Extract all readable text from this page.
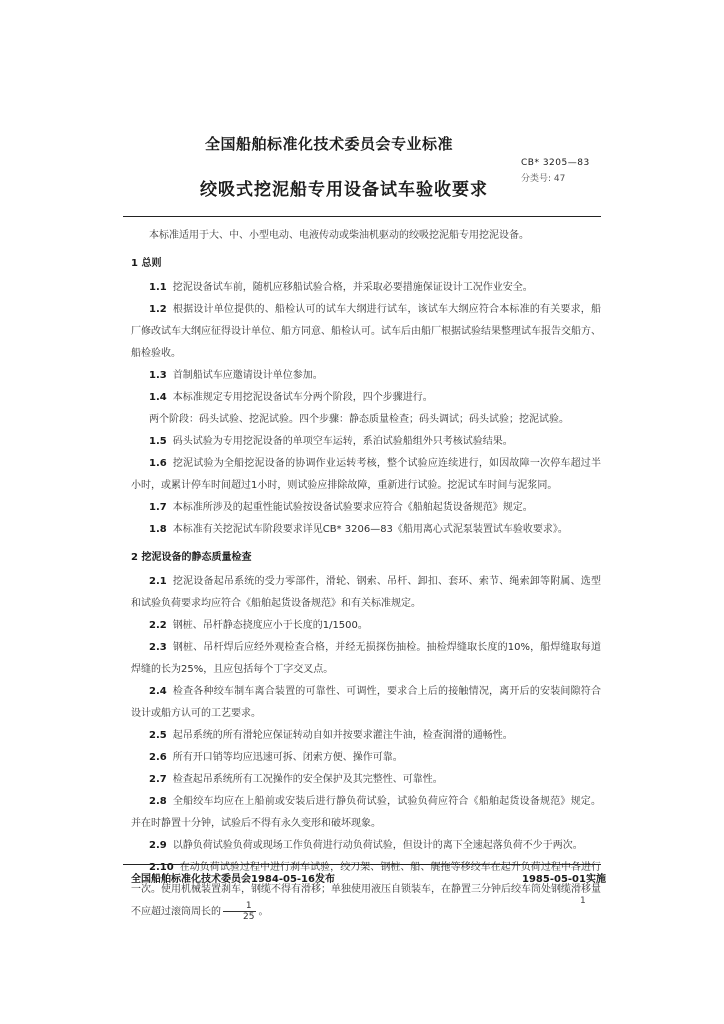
全国船舶标准化技术委员会专业标准
CB* 3205—83
分类号: 47
绞吸式挖泥船专用设备试车验收要求

本标准适用于大、中、小型电动、电液传动或柴油机驱动的绞吸挖泥船专用挖泥设备。

1 总则

1.1 挖泥设备试车前，随机应移船试验合格，并采取必要措施保证设计工况作业安全。

1.2 根据设计单位提供的、船检认可的试车大纲进行试车，该试车大纲应符合本标准的有关要求，船厂修改试车大纲应征得设计单位、船方同意、船检认可。试车后由船厂根据试验结果整理试车报告交船方、船检验收。

1.3 首制船试车应邀请设计单位参加。

1.4 本标准规定专用挖泥设备试车分两个阶段，四个步骤进行。

两个阶段：码头试验、挖泥试验。四个步骤：静态质量检查；码头调试；码头试验；挖泥试验。

1.5 码头试验为专用挖泥设备的单项空车运转，系泊试验船组外只考核试验结果。

1.6 挖泥试验为全船挖泥设备的协调作业运转考核，整个试验应连续进行，如因故障一次停车超过半小时，或累计停车时间超过1小时，则试验应排除故障，重新进行试验。挖泥试车时间与泥浆同。

1.7 本标准所涉及的起重性能试验按设备试验要求应符合《船舶起货设备规范》规定。

1.8 本标准有关挖泥试车阶段要求详见CB* 3206—83《船用离心式泥泵装置试车验收要求》。

2 挖泥设备的静态质量检查

2.1 挖泥设备起吊系统的受力零部件，滑轮、钢索、吊杆、卸扣、套环、索节、绳索卸等附属、选型和试验负荷要求均应符合《船舶起货设备规范》和有关标准规定。

2.2 钢桩、吊杆静态挠度应小于长度的1/1500。

2.3 钢桩、吊杆焊后应经外观检查合格，并经无损探伤抽检。抽检焊缝取长度的10%，船焊缝取每道焊缝的长为25%，且应包括每个丁字交叉点。

2.4 检查各种绞车制车离合装置的可靠性、可调性，要求合上后的接触情况，离开后的安装间隙符合设计或船方认可的工艺要求。

2.5 起吊系统的所有滑轮应保证转动自如并按要求灌注牛油，检查润滑的通畅性。

2.6 所有开口销等均应迅速可拆、闭索方便、操作可靠。

2.7 检查起吊系统所有工况操作的安全保护及其完整性、可靠性。

2.8 全船绞车均应在上船前或安装后进行静负荷试验，试验负荷应符合《船舶起货设备规范》规定。并在时静置十分钟，试验后不得有永久变形和破坏现象。

2.9 以静负荷试验负荷或现场工作负荷进行动负荷试验，但设计的离下全速起落负荷不少于两次。

2.10 在动负荷试验过程中进行刹车试验，绞刀架、钢桩、船、艉拖等移绞车在起升负荷过程中各进行一次。使用机械装置刹车，钢缆不得有滑移；单独使用液压自锁装车，在静置三分钟后绞车筒处钢缆滑移量不应超过滚筒周长的 $\frac{1}{25}$ 。

全国船舶标准化技术委员会1984-05-16发布	1985-05-01实施
1
